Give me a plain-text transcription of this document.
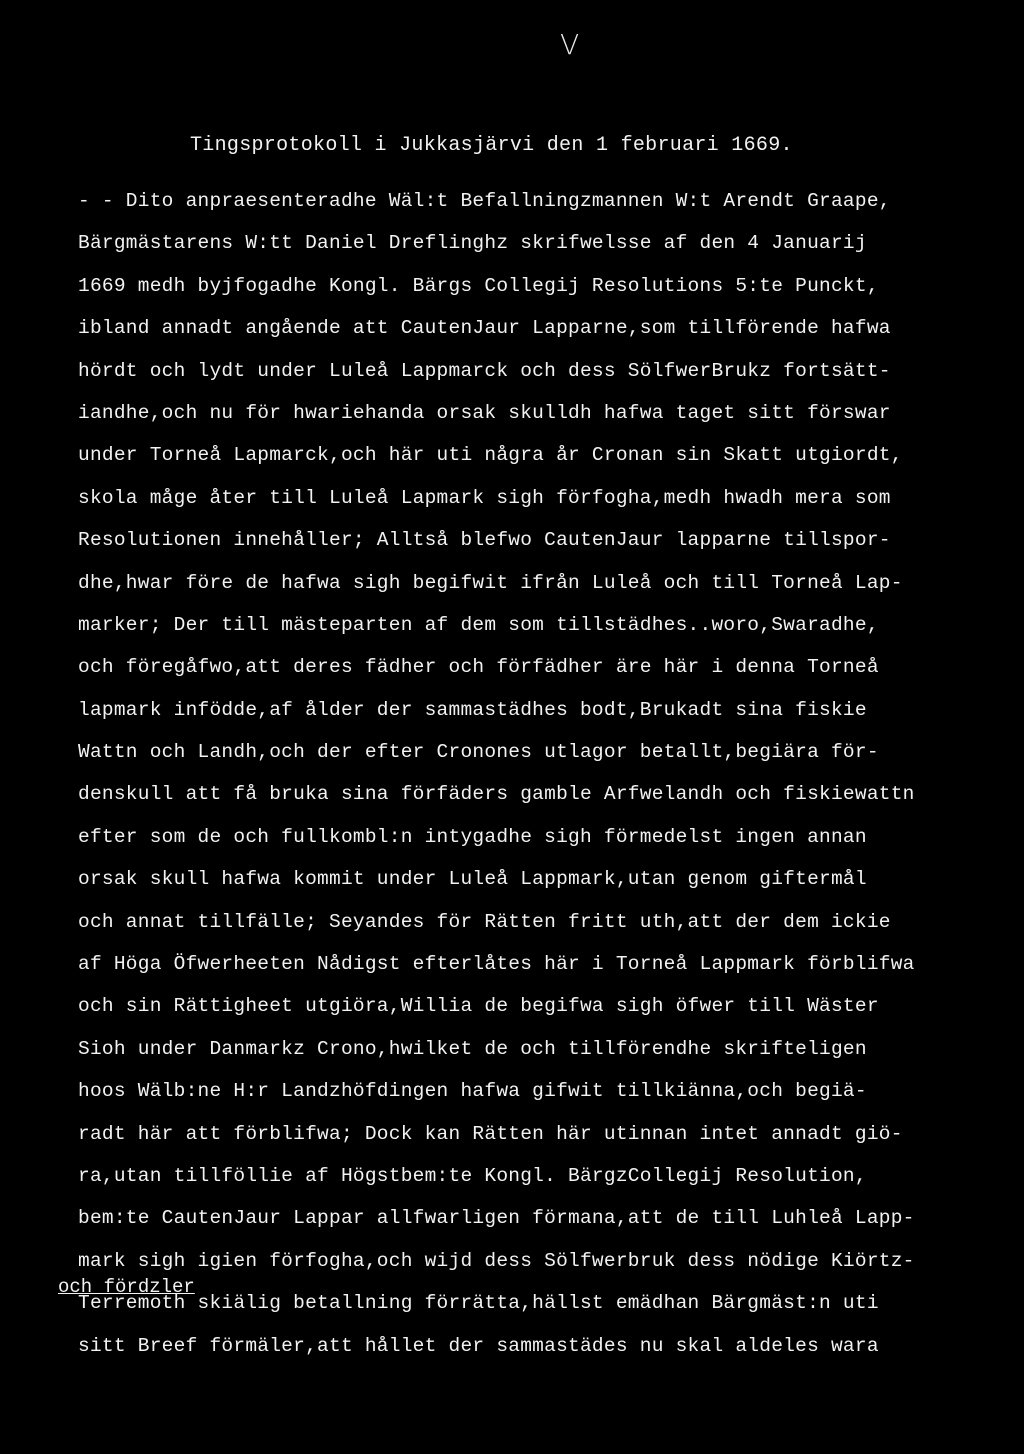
V
Tingsprotokoll i Jukkasjärvi den 1 februari 1669.
- - Dito anpraesenteradhe Wäl:t Befallningzmannen W:t Arendt Graape,
Bärgmästarens W:tt Daniel Dreflinghz skrifwelsse af den 4 Januarij
1669 medh byjfogadhe Kongl. Bärgs Collegij Resolutions 5:te Punckt,
ibland annadt angående att CautenJaur Lapparne,som tillförende hafwa
hördt och lydt under Luleå Lappmarck och dess SölfwerBrukz fortsätt-
iandhe,och nu för hwariehanda orsak skulldh hafwa taget sitt förswar
under Torneå Lapmarck,och här uti några år Cronan sin Skatt utgiordt,
skola måge åter till Luleå Lapmark sigh förfogha,medh hwadh mera som
Resolutionen innehåller; Alltså blefwo CautenJaur lapparne tillspor-
dhe,hwar före de hafwa sigh begifwit ifrån Luleå och till Torneå Lap-
marker; Der till mästeparten af dem som tillstädhes..woro,Swaradhe,
och föregåfwo,att deres fädher och förfädher äre här i denna Torneå
lapmark infödde,af ålder der sammastädhes bodt,Brukadt sina fiskie
Wattn och Landh,och der efter Cronones utlagor betallt,begiära för-
denskull att få bruka sina förfäders gamble Arfwelandh och fiskiewattn
efter som de och fullkombl:n intygadhe sigh förmedelst ingen annan
orsak skull hafwa kommit under Luleå Lappmark,utan genom giftermål
och annat tillfälle; Seyandes för Rätten fritt uth,att der dem ickie
af Höga Öfwerheeten Nådigst efterlåtes här i Torneå Lappmark förblifwa
och sin Rättigheet utgiöra,Willia de begifwa sigh öfwer till Wäster
Sioh under Danmarkz Crono,hwilket de och tillförendhe skrifteligen
hoos Wälb:ne H:r Landzhöfdingen hafwa gifwit tillkiänna,och begiä-
radt här att förblifwa; Dock kan Rätten här utinnan intet annadt giö-
ra,utan tillföllie af Högstbem:te Kongl. BärgzCollegij Resolution,
bem:te CautenJaur Lappar allfwarligen förmana,att de till Luhleå Lapp-
mark sigh igien förfogha,och wijd dess Sölfwerbruk dess nödige Kiörtz-
Terremoth skiälig betallning förrätta,hällst emädhan Bärgmäst:n uti
sitt Breef förmäler,att hållet der sammastädes nu skal aldeles wara
och fördzler
